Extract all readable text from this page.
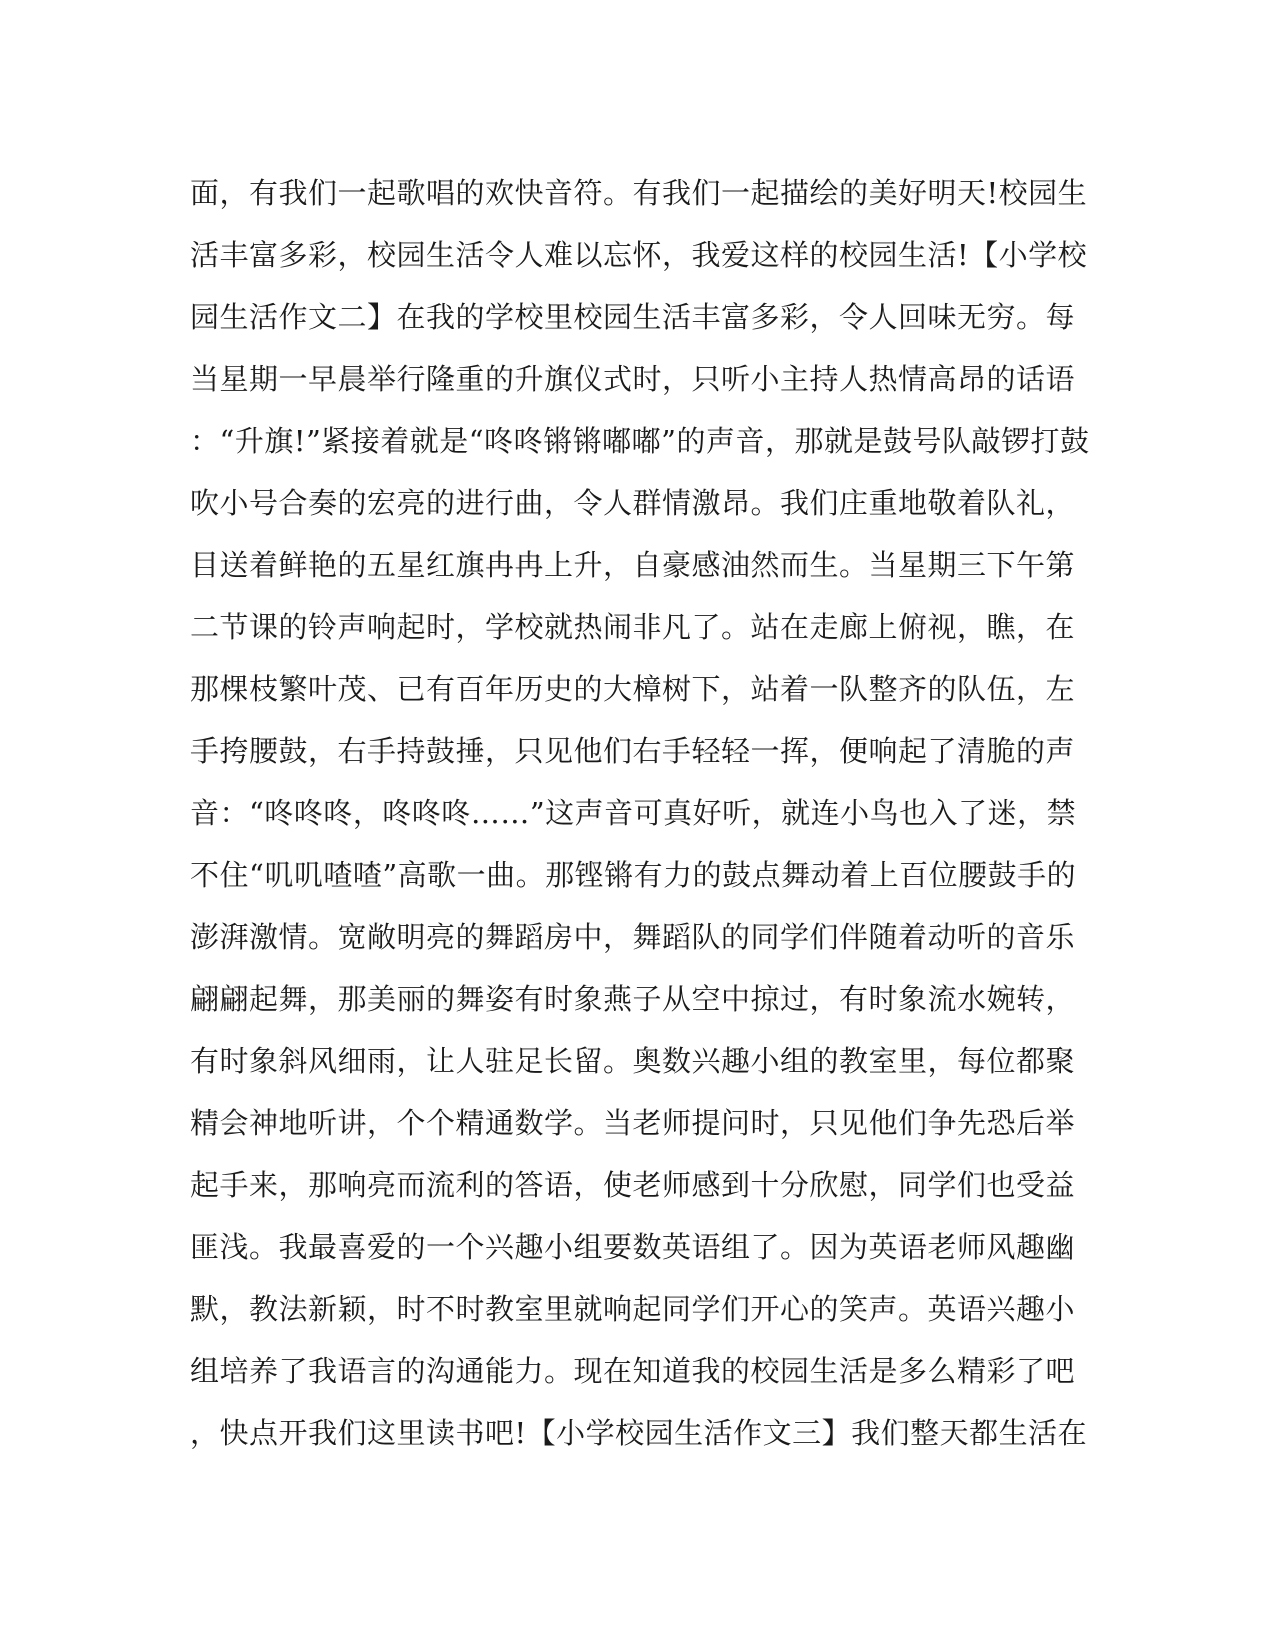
面，有我们一起歌唱的欢快音符。有我们一起描绘的美好明天!校园生
活丰富多彩，校园生活令人难以忘怀，我爱这样的校园生活!【小学校
园生活作文二】在我的学校里校园生活丰富多彩，令人回味无穷。每
当星期一早晨举行隆重的升旗仪式时，只听小主持人热情高昂的话语
：“升旗!”紧接着就是“咚咚锵锵嘟嘟”的声音，那就是鼓号队敲锣打鼓
吹小号合奏的宏亮的进行曲，令人群情激昂。我们庄重地敬着队礼，
目送着鲜艳的五星红旗冉冉上升，自豪感油然而生。当星期三下午第
二节课的铃声响起时，学校就热闹非凡了。站在走廊上俯视，瞧，在
那棵枝繁叶茂、已有百年历史的大樟树下，站着一队整齐的队伍，左
手挎腰鼓，右手持鼓捶，只见他们右手轻轻一挥，便响起了清脆的声
音：“咚咚咚，咚咚咚……”这声音可真好听，就连小鸟也入了迷，禁
不住“叽叽喳喳”高歌一曲。那铿锵有力的鼓点舞动着上百位腰鼓手的
澎湃激情。宽敞明亮的舞蹈房中，舞蹈队的同学们伴随着动听的音乐
翩翩起舞，那美丽的舞姿有时象燕子从空中掠过，有时象流水婉转，
有时象斜风细雨，让人驻足长留。奥数兴趣小组的教室里，每位都聚
精会神地听讲，个个精通数学。当老师提问时，只见他们争先恐后举
起手来，那响亮而流利的答语，使老师感到十分欣慰，同学们也受益
匪浅。我最喜爱的一个兴趣小组要数英语组了。因为英语老师风趣幽
默，教法新颖，时不时教室里就响起同学们开心的笑声。英语兴趣小
组培养了我语言的沟通能力。现在知道我的校园生活是多么精彩了吧
，快点开我们这里读书吧!【小学校园生活作文三】我们整天都生活在
